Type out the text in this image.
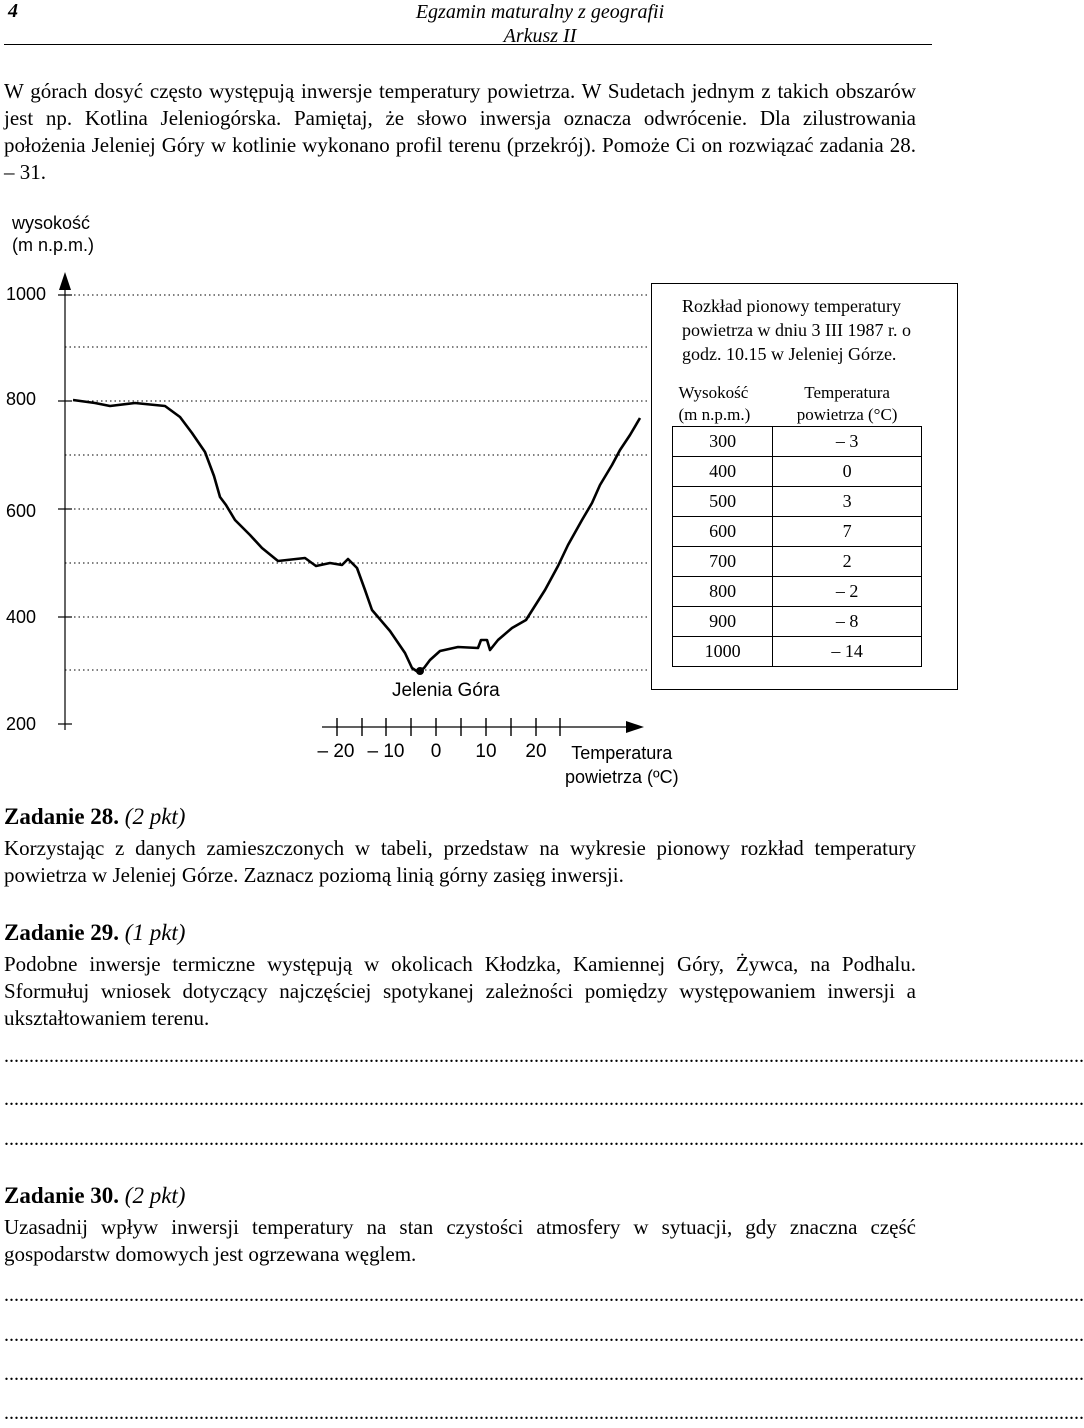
4	Egzamin maturalny z geografii
Arkusz II
W górach dosyć często występują inwersje temperatury powietrza. W Sudetach jednym z takich obszarów jest np. Kotlina Jeleniogórska. Pamiętaj, że słowo inwersja oznacza odwrócenie. Dla zilustrowania położenia Jeleniej Góry w kotlinie wykonano profil terenu (przekrój). Pomoże Ci on rozwiązać zadania 28. – 31.
wysokość
(m n.p.m.)
1000
800
600
400
200
Jelenia Góra
– 20 – 10	0	10	20	Temperatura
powietrza (ºC)
Rozkład pionowy temperatury powietrza w dniu 3 III 1987 r. o godz. 10.15 w Jeleniej Górze.
Wysokość
(m n.p.m.)	Temperatura
powietrza (°C)
300	– 3
400	0
500	3
600	7
700	2
800	– 2
900	– 8
1000	– 14
Zadanie 28. (2 pkt)
Korzystając z danych zamieszczonych w tabeli, przedstaw na wykresie pionowy rozkład temperatury powietrza w Jeleniej Górze. Zaznacz poziomą linią górny zasięg inwersji.
Zadanie 29. (1 pkt)
Podobne inwersje termiczne występują w okolicach Kłodzka, Kamiennej Góry, Żywca, na Podhalu. Sformułuj wniosek dotyczący najczęściej spotykanej zależności pomiędzy występowaniem inwersji a ukształtowaniem terenu.
........................................................................................................................................................................................................................
........................................................................................................................................................................................................................
........................................................................................................................................................................................................................
Zadanie 30. (2 pkt)
Uzasadnij wpływ inwersji temperatury na stan czystości atmosfery w sytuacji, gdy znaczna część gospodarstw domowych jest ogrzewana węglem.
........................................................................................................................................................................................................................
........................................................................................................................................................................................................................
........................................................................................................................................................................................................................
........................................................................................................................................................................................................................
